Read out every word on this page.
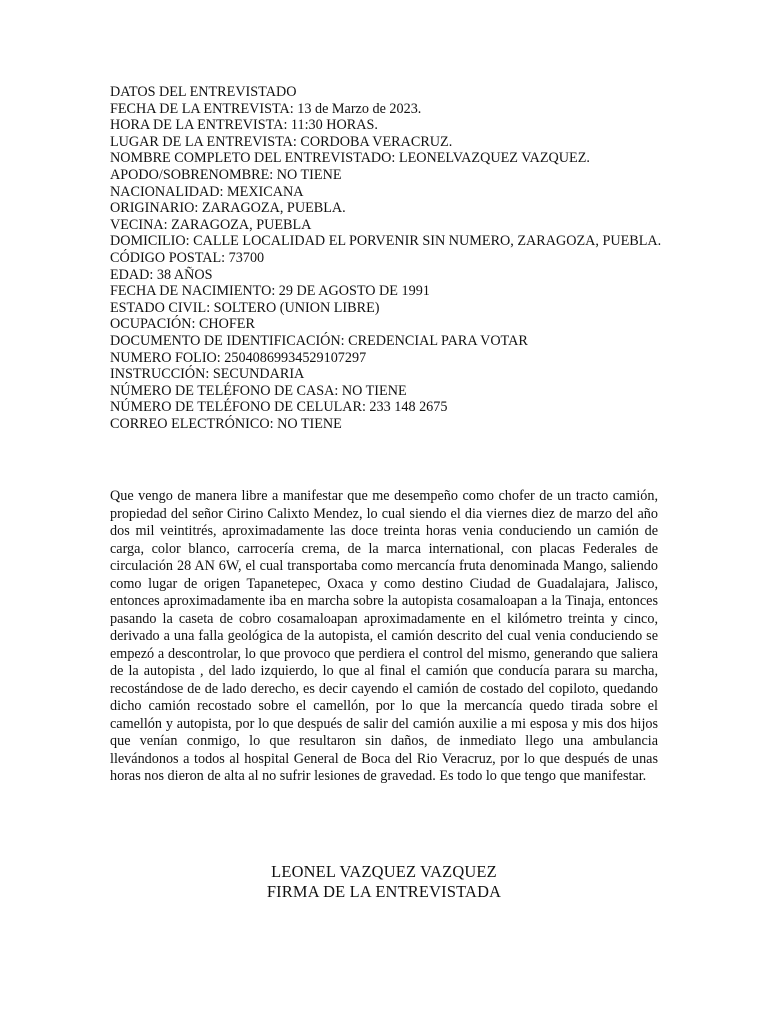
DATOS DEL ENTREVISTADO
FECHA DE LA ENTREVISTA: 13 de Marzo de 2023.
HORA DE LA ENTREVISTA: 11:30 HORAS.
LUGAR DE LA ENTREVISTA: CORDOBA VERACRUZ.
NOMBRE COMPLETO DEL ENTREVISTADO: LEONELVAZQUEZ VAZQUEZ.
APODO/SOBRENOMBRE: NO TIENE
NACIONALIDAD: MEXICANA
ORIGINARIO: ZARAGOZA, PUEBLA.
VECINA: ZARAGOZA, PUEBLA
DOMICILIO: CALLE LOCALIDAD EL PORVENIR SIN NUMERO, ZARAGOZA, PUEBLA.
CÓDIGO POSTAL: 73700
EDAD: 38 AÑOS
FECHA DE NACIMIENTO: 29 DE AGOSTO DE 1991
ESTADO CIVIL: SOLTERO (UNION LIBRE)
OCUPACIÓN: CHOFER
DOCUMENTO DE IDENTIFICACIÓN: CREDENCIAL PARA VOTAR
NUMERO FOLIO: 25040869934529107297
INSTRUCCIÓN: SECUNDARIA
NÚMERO DE TELÉFONO DE CASA: NO TIENE
NÚMERO DE TELÉFONO DE CELULAR: 233 148 2675
CORREO ELECTRÓNICO: NO TIENE

Que vengo de manera libre a manifestar que me desempeño como chofer de un tracto camión, propiedad del señor Cirino Calixto Mendez, lo cual siendo el dia viernes diez de marzo del año dos mil veintitrés, aproximadamente las doce treinta horas venia conduciendo un camión de carga, color blanco, carrocería crema, de la marca international, con placas Federales de circulación 28 AN 6W, el cual transportaba como mercancía fruta denominada Mango, saliendo como lugar de origen Tapanetepec, Oxaca y como destino Ciudad de Guadalajara, Jalisco, entonces aproximadamente iba en marcha sobre la autopista cosamaloapan a la Tinaja, entonces pasando la caseta de cobro cosamaloapan aproximadamente en el kilómetro treinta y cinco, derivado a una falla geológica de la autopista, el camión descrito del cual venia conduciendo se empezó a descontrolar, lo que provoco que perdiera el control del mismo, generando que saliera de la autopista , del lado izquierdo, lo que al final el camión que conducía parara su marcha, recostándose de de lado derecho, es decir cayendo el camión de costado del copiloto, quedando dicho camión recostado sobre el camellón, por lo que la mercancía quedo tirada sobre el camellón y autopista, por lo que después de salir del camión auxilie a mi esposa y mis dos hijos que venían conmigo, lo que resultaron sin daños, de inmediato llego una ambulancia llevándonos a todos al hospital General de Boca del Rio Veracruz, por lo que después de unas horas nos dieron de alta al no sufrir lesiones de gravedad. Es todo lo que tengo que manifestar.

LEONEL VAZQUEZ VAZQUEZ
FIRMA DE LA ENTREVISTADA
